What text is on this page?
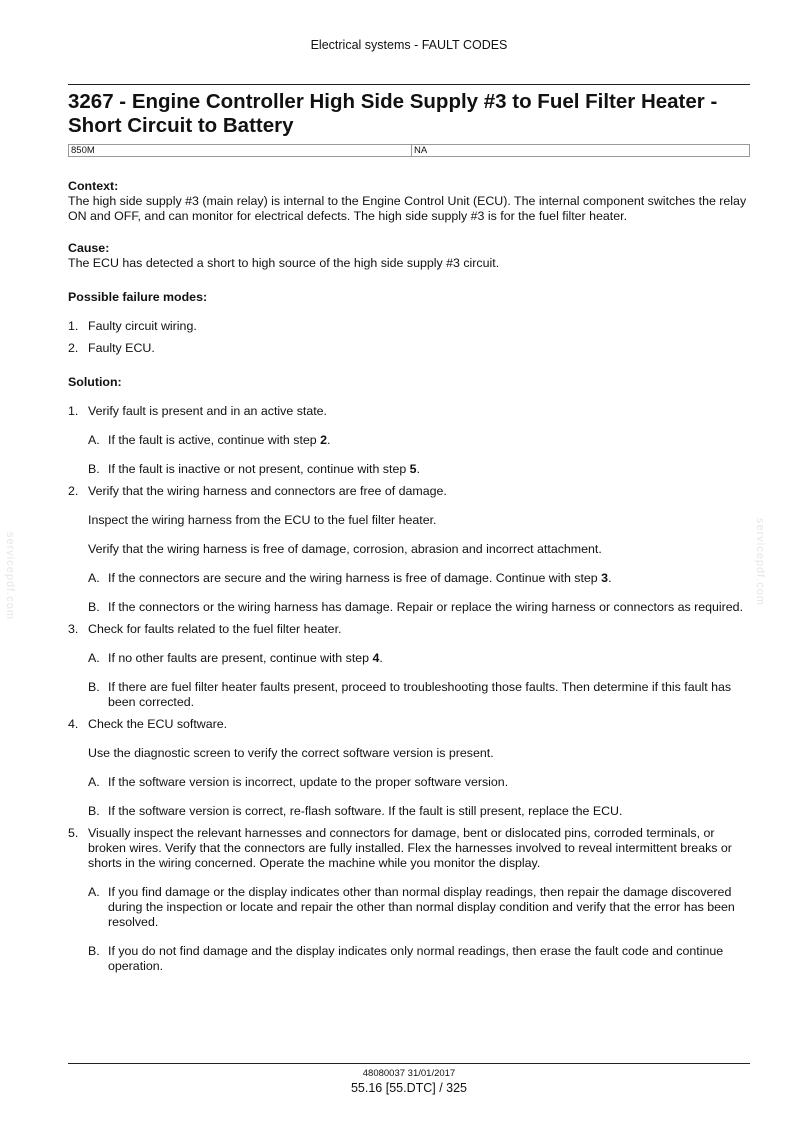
Electrical systems - FAULT CODES
3267 - Engine Controller High Side Supply #3 to Fuel Filter Heater - Short Circuit to Battery
850M	NA
servicepdf.com	servicepdf.com

Context:

The high side supply #3 (main relay) is internal to the Engine Control Unit (ECU). The internal component switches the relay ON and OFF, and can monitor for electrical defects. The high side supply #3 is for the fuel filter heater.

Cause:

The ECU has detected a short to high source of the high side supply #3 circuit.

Possible failure modes:

1. Faulty circuit wiring.
2. Faulty ECU.

Solution:

1. Verify fault is present and in an active state.
A. If the fault is active, continue with step 2.
B. If the fault is inactive or not present, continue with step 5.
2. Verify that the wiring harness and connectors are free of damage.

Inspect the wiring harness from the ECU to the fuel filter heater.

Verify that the wiring harness is free of damage, corrosion, abrasion and incorrect attachment.

A. If the connectors are secure and the wiring harness is free of damage. Continue with step 3.
B. If the connectors or the wiring harness has damage. Repair or replace the wiring harness or connectors as required.
3. Check for faults related to the fuel filter heater.
A. If no other faults are present, continue with step 4.
B. If there are fuel filter heater faults present, proceed to troubleshooting those faults. Then determine if this fault has been corrected.
4. Check the ECU software.

Use the diagnostic screen to verify the correct software version is present.

A. If the software version is incorrect, update to the proper software version.
B. If the software version is correct, re-flash software. If the fault is still present, replace the ECU.
5. Visually inspect the relevant harnesses and connectors for damage, bent or dislocated pins, corroded terminals, or broken wires. Verify that the connectors are fully installed. Flex the harnesses involved to reveal intermittent breaks or shorts in the wiring concerned. Operate the machine while you monitor the display.
A. If you find damage or the display indicates other than normal display readings, then repair the damage discovered during the inspection or locate and repair the other than normal display condition and verify that the error has been resolved.
B. If you do not find damage and the display indicates only normal readings, then erase the fault code and continue operation.
48080037 31/01/2017
55.16 [55.DTC] / 325
